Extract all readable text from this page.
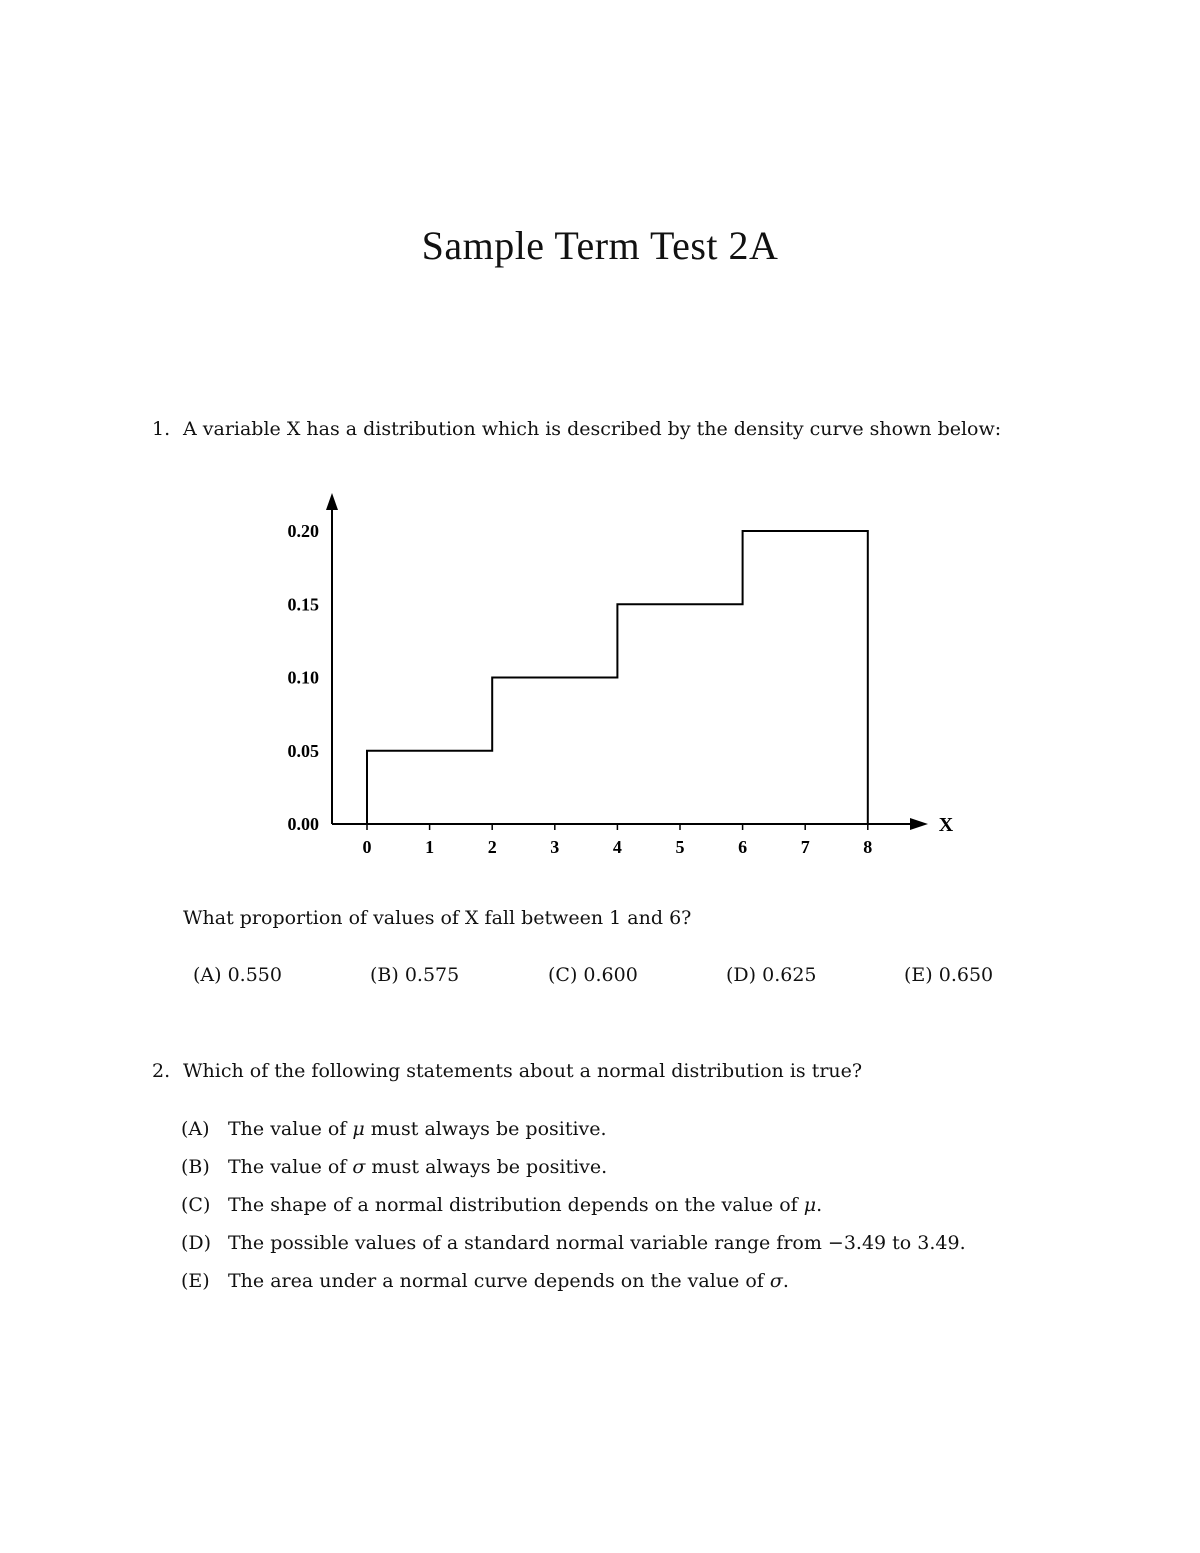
Sample Term Test 2A
1. A variable X has a distribution which is described by the density curve shown below:
X
0.00
0.05
0.10
0.15
0.20
0	1	2	3	4	5	6	7	8
What proportion of values of X fall between 1 and 6?
(A) 0.550	(B) 0.575	(C) 0.600	(D) 0.625	(E) 0.650
2. Which of the following statements about a normal distribution is true?
(A) The value of μ must always be positive.
(B) The value of σ must always be positive.
(C) The shape of a normal distribution depends on the value of μ.
(D) The possible values of a standard normal variable range from −3.49 to 3.49.
(E) The area under a normal curve depends on the value of σ.
